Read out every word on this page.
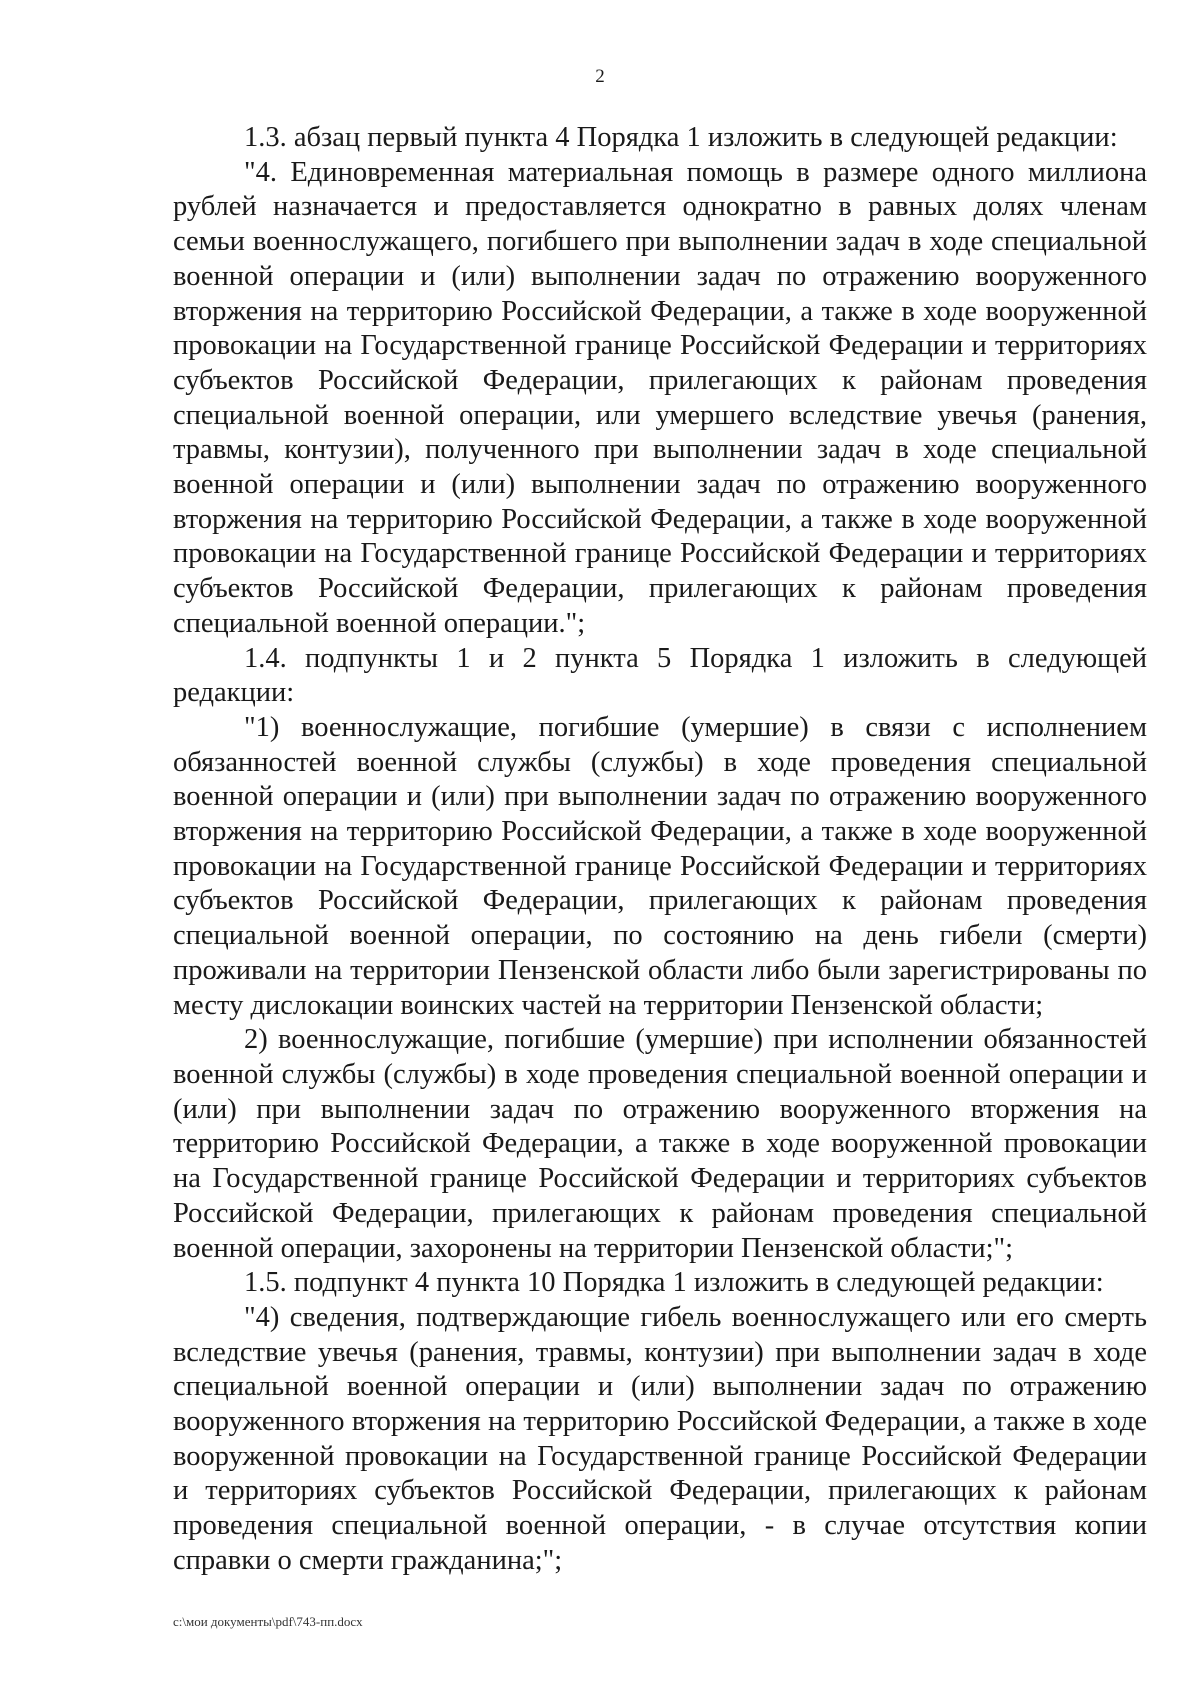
2

1.3. абзац первый пункта 4 Порядка 1 изложить в следующей редакции:

"4. Единовременная материальная помощь в размере одного миллиона рублей назначается и предоставляется однократно в равных долях членам семьи военнослужащего, погибшего при выполнении задач в ходе специальной военной операции и (или) выполнении задач по отражению вооруженного вторжения на территорию Российской Федерации, а также в ходе вооруженной провокации на Государственной границе Российской Федерации и территориях субъектов Российской Федерации, прилегающих к районам проведения специальной военной операции, или умершего вследствие увечья (ранения, травмы, контузии), полученного при выполнении задач в ходе специальной военной операции и (или) выполнении задач по отражению вооруженного вторжения на территорию Российской Федерации, а также в ходе вооруженной провокации на Государственной границе Российской Федерации и территориях субъектов Российской Федерации, прилегающих к районам проведения специальной военной операции.";

1.4. подпункты 1 и 2 пункта 5 Порядка 1 изложить в следующей редакции:

"1) военнослужащие, погибшие (умершие) в связи с исполнением обязанностей военной службы (службы) в ходе проведения специальной военной операции и (или) при выполнении задач по отражению вооруженного вторжения на территорию Российской Федерации, а также в ходе вооруженной провокации на Государственной границе Российской Федерации и территориях субъектов Российской Федерации, прилегающих к районам проведения специальной военной операции, по состоянию на день гибели (смерти) проживали на территории Пензенской области либо были зарегистрированы по месту дислокации воинских частей на территории Пензенской области;

2) военнослужащие, погибшие (умершие) при исполнении обязанностей военной службы (службы) в ходе проведения специальной военной операции и (или) при выполнении задач по отражению вооруженного вторжения на территорию Российской Федерации, а также в ходе вооруженной провокации на Государственной границе Российской Федерации и территориях субъектов Российской Федерации, прилегающих к районам проведения специальной военной операции, захоронены на территории Пензенской области;";

1.5. подпункт 4 пункта 10 Порядка 1 изложить в следующей редакции:

"4) сведения, подтверждающие гибель военнослужащего или его смерть вследствие увечья (ранения, травмы, контузии) при выполнении задач в ходе специальной военной операции и (или) выполнении задач по отражению вооруженного вторжения на территорию Российской Федерации, а также в ходе вооруженной провокации на Государственной границе Российской Федерации и территориях субъектов Российской Федерации, прилегающих к районам проведения специальной военной операции, - в случае отсутствия копии справки о смерти гражданина;";

c:\мои документы\pdf\743-пп.docx
